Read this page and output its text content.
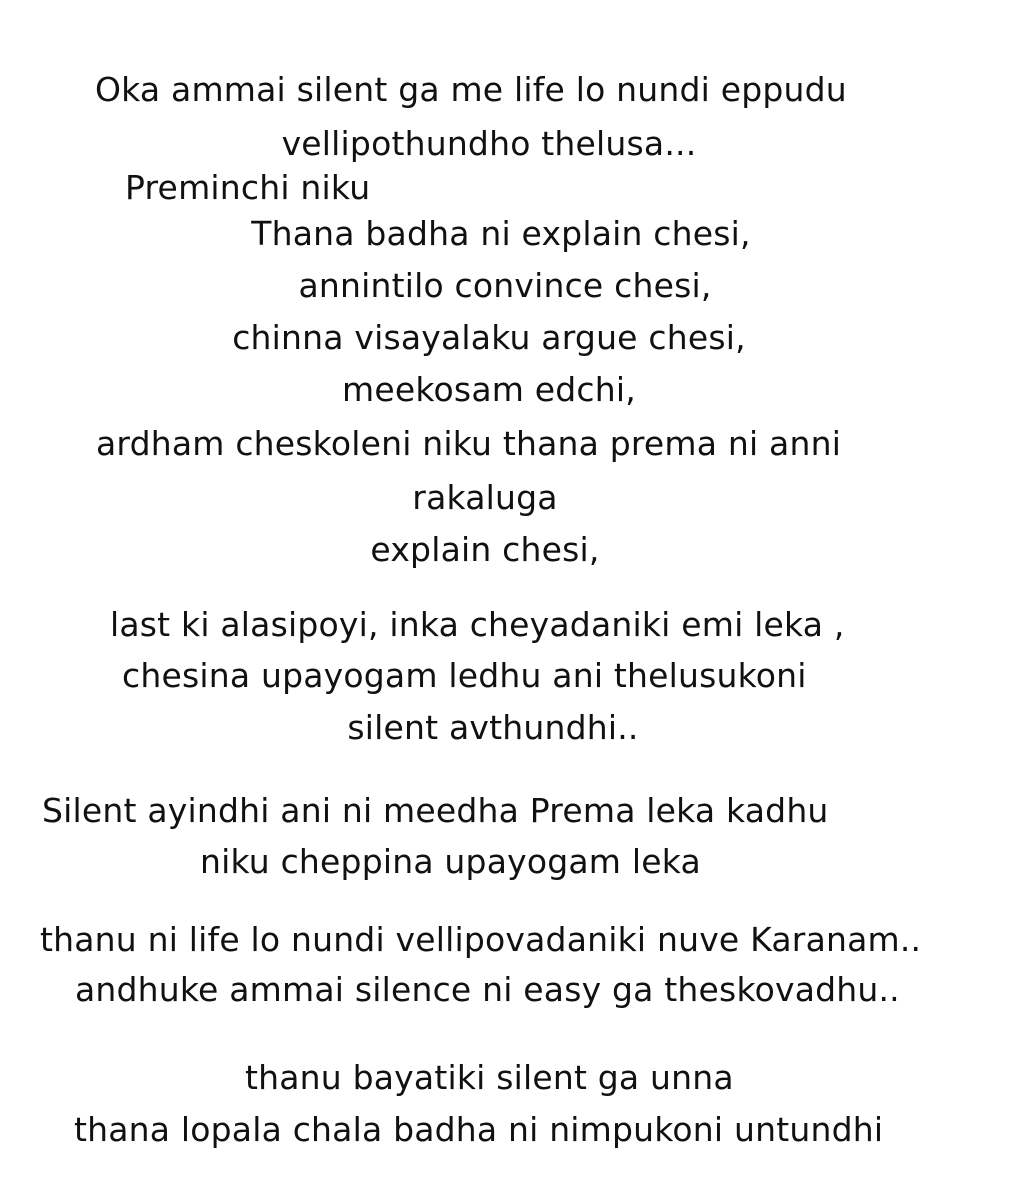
Oka ammai silent ga me life lo nundi eppudu
vellipothundho thelusa...
Preminchi niku
Thana badha ni explain chesi,
annintilo convince chesi,
chinna visayalaku argue chesi,
meekosam edchi,
ardham cheskoleni niku thana prema ni anni
rakaluga
explain chesi,
last ki alasipoyi, inka cheyadaniki emi leka ,
chesina upayogam ledhu ani thelusukoni
silent avthundhi..
Silent ayindhi ani ni meedha Prema leka kadhu
niku cheppina upayogam leka
thanu ni life lo nundi vellipovadaniki nuve Karanam..
andhuke ammai silence ni easy ga theskovadhu..
thanu bayatiki silent ga unna
thana lopala chala badha ni nimpukoni untundhi
